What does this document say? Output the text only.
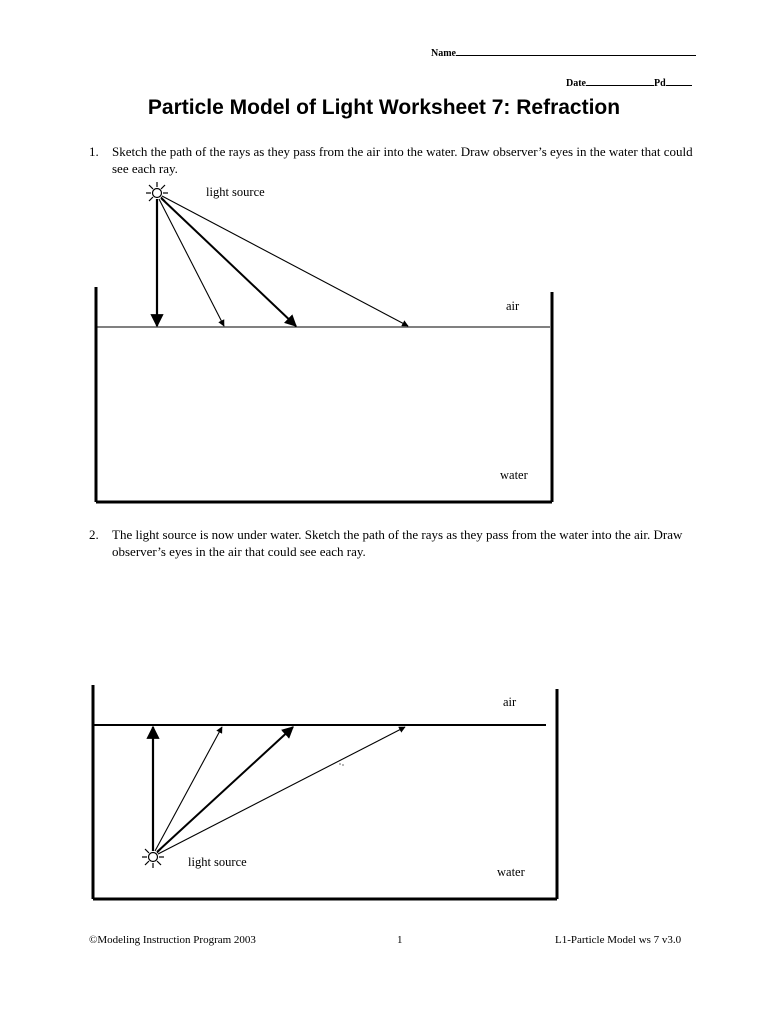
Name
Date	Pd
Particle Model of Light Worksheet 7: Refraction
1. Sketch the path of the rays as they pass from the air into the water. Draw observer’s eyes in the water that could see each ray.
2. The light source is now under water. Sketch the path of the rays as they pass from the water into the air. Draw observer’s eyes in the air that could see each ray.
light source
air
water
air
light source
water
©Modeling Instruction Program 2003	1	L1-Particle Model ws 7 v3.0
